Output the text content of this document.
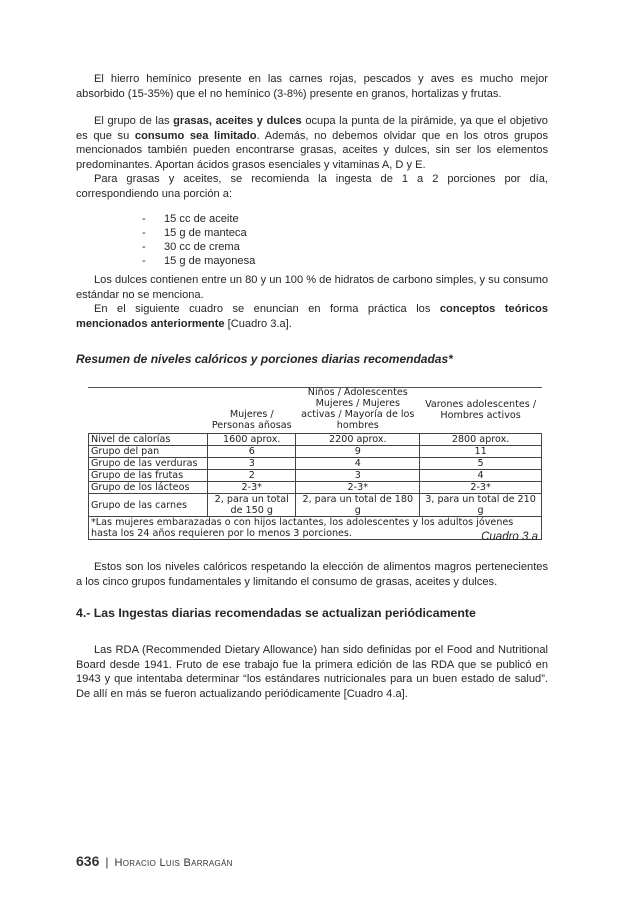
El hierro hemínico presente en las carnes rojas, pescados y aves es mucho mejor absorbido (15-35%) que el no hemínico (3-8%) presente en granos, hortalizas y frutas.

El grupo de las grasas, aceites y dulces ocupa la punta de la pirámide, ya que el objetivo es que su consumo sea limitado. Además, no debemos olvidar que en los otros grupos mencionados también pueden encontrarse grasas, aceites y dulces, sin ser los elementos predominantes. Aportan ácidos grasos esenciales y vitaminas A, D y E.

Para grasas y aceites, se recomienda la ingesta de 1 a 2 porciones por día, correspondiendo una porción a:

-	15 cc de aceite
-	15 g de manteca
-	30 cc de crema
-	15 g de mayonesa

Los dulces contienen entre un 80 y un 100 % de hidratos de carbono simples, y su consumo estándar no se menciona.

En el siguiente cuadro se enuncian en forma práctica los conceptos teóricos mencionados anteriormente [Cuadro 3.a].

Resumen de niveles calóricos y porciones diarias recomendadas*
	Mujeres / Personas añosas	Niños / Adolescentes Mujeres / Mujeres activas / Mayoría de los hombres	Varones adolescentes / Hombres activos
Nivel de calorías	1600 aprox.	2200 aprox.	2800 aprox.
Grupo del pan	6	9	11
Grupo de las verduras	3	4	5
Grupo de las frutas	2	3	4
Grupo de los lácteos	2-3*	2-3*	2-3*
Grupo de las carnes	2, para un total de 150 g	2, para un total de 180 g	3, para un total de 210 g
*Las mujeres embarazadas o con hijos lactantes, los adolescentes y los adultos jóvenes hasta los 24 años requieren por lo menos 3 porciones.				Cuadro 3.a

Estos son los niveles calóricos respetando la elección de alimentos magros pertenecientes a los cinco grupos fundamentales y limitando el consumo de grasas, aceites y dulces.

4.- Las Ingestas diarias recomendadas se actualizan periódicamente

Las RDA (Recommended Dietary Allowance) han sido definidas por el Food and Nutritional Board desde 1941. Fruto de ese trabajo fue la primera edición de las RDA que se publicó en 1943 y que intentaba determinar “los estándares nutricionales para un buen estado de salud”. De allí en más se fueron actualizando periódicamente [Cuadro 4.a].

636 | Horacio Luis Barragán
